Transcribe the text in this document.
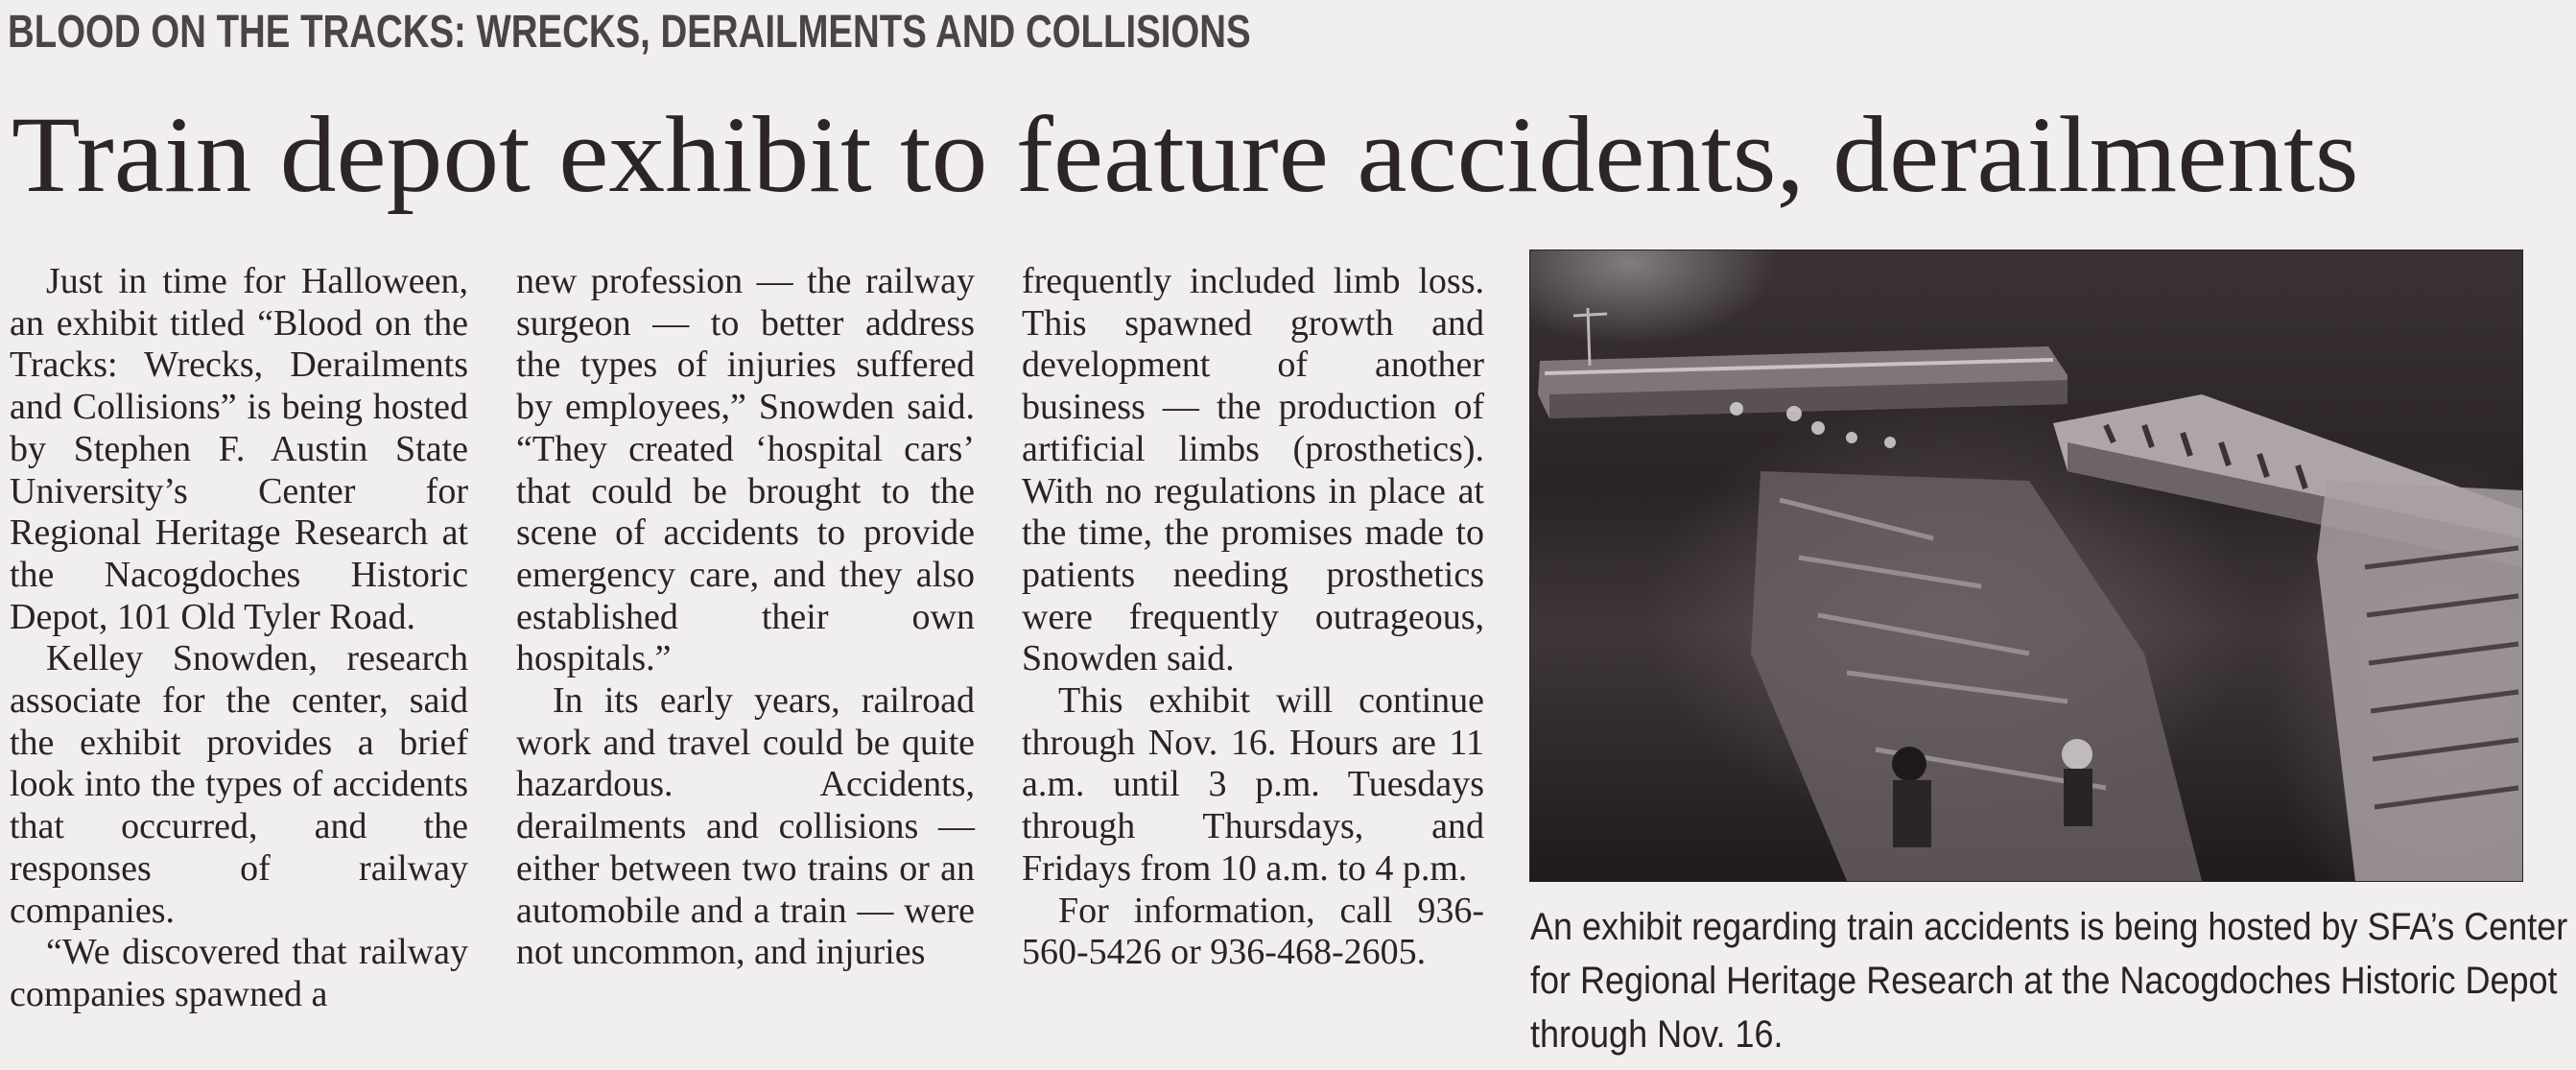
BLOOD ON THE TRACKS: WRECKS, DERAILMENTS AND COLLISIONS
Train depot exhibit to feature accidents, derailments

Just in time for Halloween, an exhibit titled “Blood on the Tracks: Wrecks, Derailments and Collisions” is being hosted by Stephen F. Austin State University’s Center for Regional Heritage Research at the Nacogdoches Historic Depot, 101 Old Tyler Road.

Kelley Snowden, research associate for the center, said the exhibit provides a brief look into the types of accidents that occurred, and the responses of railway companies.

“We discovered that railway companies spawned a

new profession — the railway surgeon — to better address the types of injuries suffered by employees,” Snowden said. “They created ‘hospital cars’ that could be brought to the scene of accidents to provide emergency care, and they also established their own hospitals.”

In its early years, railroad work and travel could be quite hazardous. Accidents, derailments and collisions — either between two trains or an automobile and a train — were not uncommon, and injuries

frequently included limb loss. This spawned growth and development of another business — the production of artificial limbs (prosthetics). With no regulations in place at the time, the promises made to patients needing prosthetics were frequently outrageous, Snowden said.

This exhibit will continue through Nov. 16. Hours are 11 a.m. until 3 p.m. Tuesdays through Thursdays, and Fridays from 10 a.m. to 4 p.m.

For information, call 936-560-5426 or 936-468-2605.

An exhibit regarding train accidents is being hosted by SFA’s Center
for Regional Heritage Research at the Nacogdoches Historic Depot
through Nov. 16.
